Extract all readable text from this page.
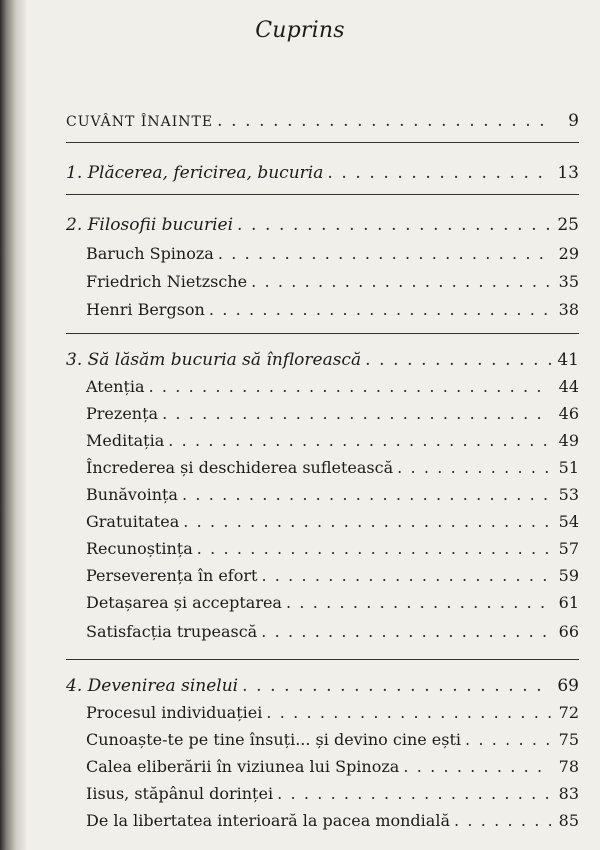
Cuprins
CUVÂNT ÎNAINTE . . .	9
1. Plăcerea, fericirea, bucuria . . .	13
2. Filosofii bucuriei . . .	25
Baruch Spinoza . . .	29
Friedrich Nietzsche . . .	35
Henri Bergson . . .	38
3. Să lăsăm bucuria să înflorească . . .	41
Atenția . . .	44
Prezența . . .	46
Meditația . . .	49
Încrederea și deschiderea sufletească . . .	51
Bunăvoința . . .	53
Gratuitatea . . .	54
Recunoștința . . .	57
Perseverența în efort . . .	59
Detașarea și acceptarea . . .	61
Satisfacția trupească . . .	66
4. Devenirea sinelui . . .	69
Procesul individuației . . .	72
Cunoaște-te pe tine însuți... și devino cine ești . . .	75
Calea eliberării în viziunea lui Spinoza . . .	78
Iisus, stăpânul dorinței . . .	83
De la libertatea interioară la pacea mondială . . .	85
